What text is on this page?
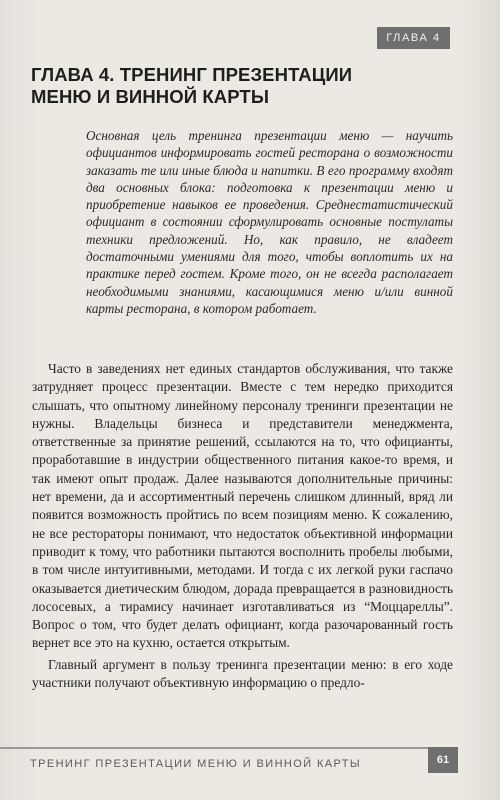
ГЛАВА 4
ГЛАВА 4. ТРЕНИНГ ПРЕЗЕНТАЦИИ
МЕНЮ И ВИННОЙ КАРТЫ

Основная цель тренинга презентации меню — научить официантов информировать гостей ресторана о возможности заказать те или иные блюда и напитки. В его программу входят два основных блока: подготовка к презентации меню и приобретение навыков ее проведения. Среднестатистический официант в состоянии сформулировать основные постулаты техники предложений. Но, как правило, не владеет достаточными умениями для того, чтобы воплотить их на практике перед гостем. Кроме того, он не всегда располагает необходимыми знаниями, касающимися меню и/или винной карты ресторана, в котором работает.

Часто в заведениях нет единых стандартов обслуживания, что также затрудняет процесс презентации. Вместе с тем нередко приходится слышать, что опытному линейному персоналу тренинги презентации не нужны. Владельцы бизнеса и представители менеджмента, ответственные за принятие решений, ссылаются на то, что официанты, проработавшие в индустрии общественного питания какое-то время, и так имеют опыт продаж. Далее называются дополнительные причины: нет времени, да и ассортиментный перечень слишком длинный, вряд ли появится возможность пройтись по всем позициям меню. К сожалению, не все рестораторы понимают, что недостаток объективной информации приводит к тому, что работники пытаются восполнить пробелы любыми, в том числе интуитивными, методами. И тогда с их легкой руки гаспачо оказывается диетическим блюдом, дорада превращается в разновидность лососевых, а тирамису начинает изготавливаться из “Моццареллы”. Вопрос о том, что будет делать официант, когда разочарованный гость вернет все это на кухню, остается открытым.

Главный аргумент в пользу тренинга презентации меню: в его ходе участники получают объективную информацию о предло-

ТРЕНИНГ ПРЕЗЕНТАЦИИ МЕНЮ И ВИННОЙ КАРТЫ	61
